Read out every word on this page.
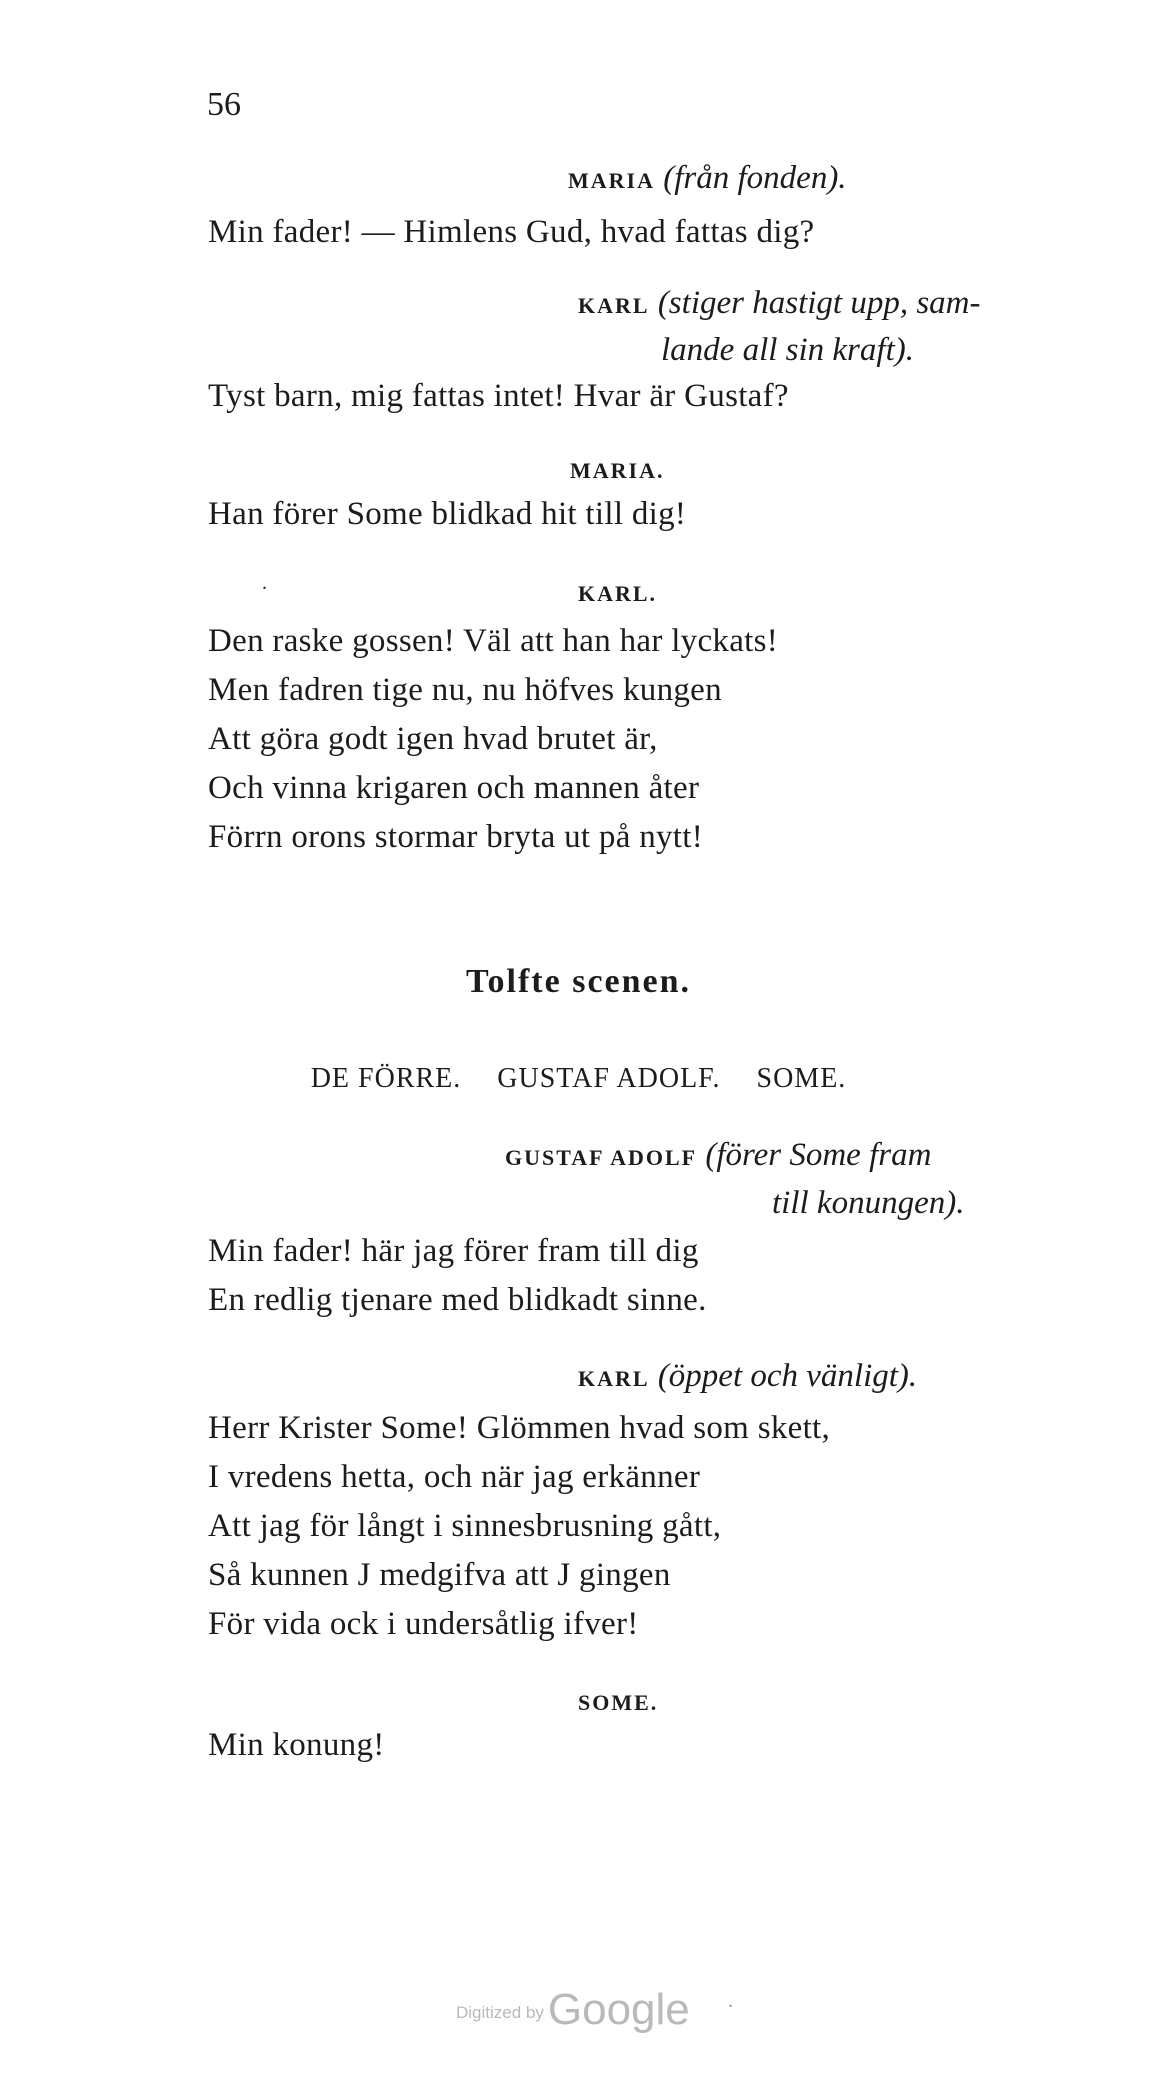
56
MARIA (från fonden).
Min fader! — Himlens Gud, hvad fattas dig?
KARL (stiger hastigt upp, sam-
lande all sin kraft).
Tyst barn, mig fattas intet! Hvar är Gustaf?
MARIA.
Han förer Some blidkad hit till dig!
.	KARL.
Den raske gossen! Väl att han har lyckats!
Men fadren tige nu, nu höfves kungen
Att göra godt igen hvad brutet är,
Och vinna krigaren och mannen åter
Förrn orons stormar bryta ut på nytt!
Tolfte scenen.
DE FÖRRE. GUSTAF ADOLF. SOME.
GUSTAF ADOLF (förer Some fram
till konungen).
Min fader! här jag förer fram till dig
En redlig tjenare med blidkadt sinne.
KARL (öppet och vänligt).
Herr Krister Some! Glömmen hvad som skett,
I vredens hetta, och när jag erkänner
Att jag för långt i sinnesbrusning gått,
Så kunnen J medgifva att J gingen
För vida ock i undersåtlig ifver!
SOME.
Min konung!
Digitized by Google .
